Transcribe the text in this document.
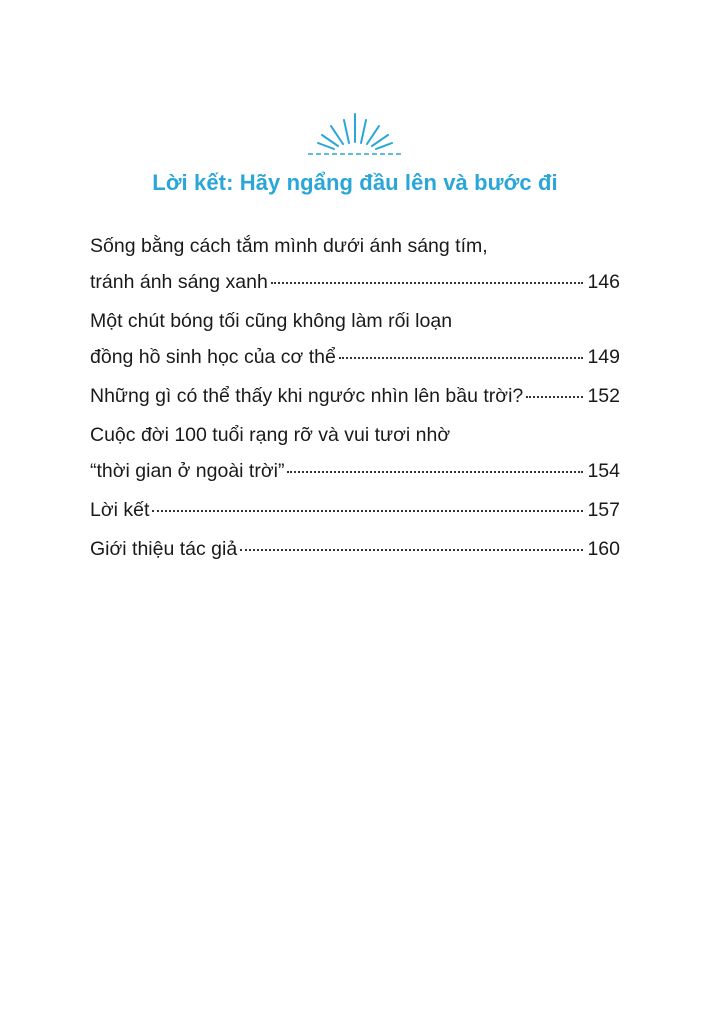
Lời kết: Hãy ngẩng đầu lên và bước đi
Sống bằng cách tắm mình dưới ánh sáng tím,
tránh ánh sáng xanh	146
Một chút bóng tối cũng không làm rối loạn
đồng hồ sinh học của cơ thể	149
Những gì có thể thấy khi ngước nhìn lên bầu trời?	152
Cuộc đời 100 tuổi rạng rỡ và vui tươi nhờ
“thời gian ở ngoài trời”	154
Lời kết	157
Giới thiệu tác giả	160
